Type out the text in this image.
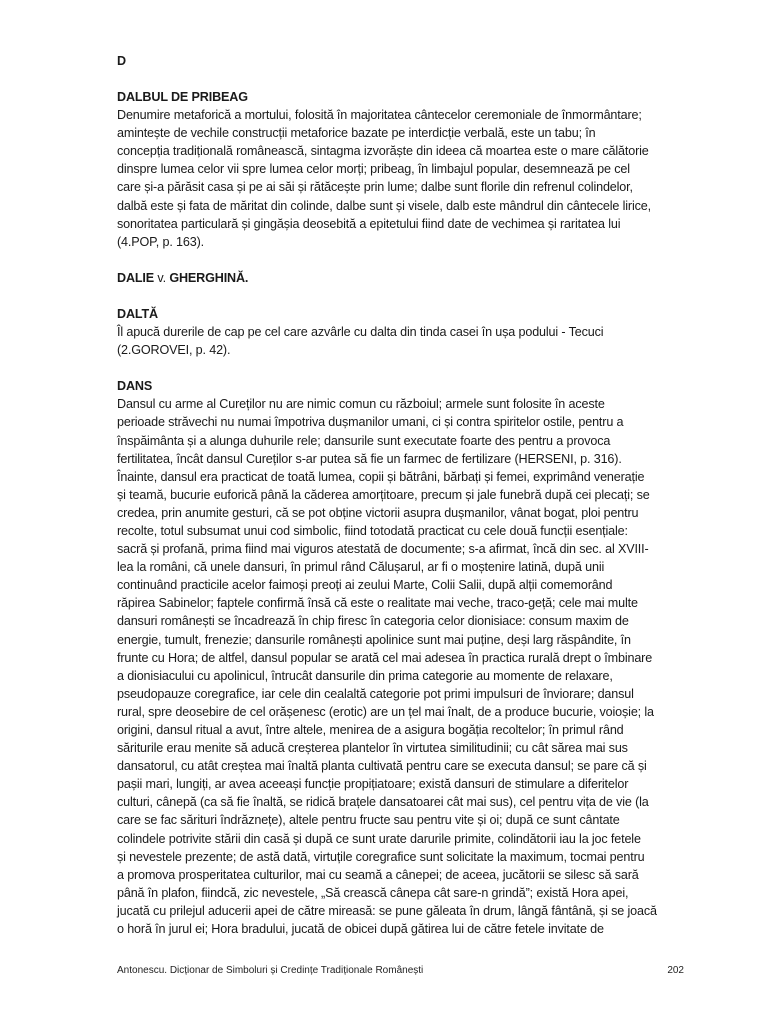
D
DALBUL DE PRIBEAG
Denumire metaforică a mortului, folosită în majoritatea cântecelor ceremoniale de înmormântare;
amintește de vechile construcții metaforice bazate pe interdicție verbală, este un tabu; în
concepția tradițională românească, sintagma izvorăște din ideea că moartea este o mare călătorie
dinspre lumea celor vii spre lumea celor morți; pribeag, în limbajul popular, desemnează pe cel
care și-a părăsit casa și pe ai săi și rătăcește prin lume; dalbe sunt florile din refrenul colindelor,
dalbă este și fata de măritat din colinde, dalbe sunt și visele, dalb este mândrul din cântecele lirice,
sonoritatea particulară și gingășia deosebită a epitetului fiind date de vechimea și raritatea lui
(4.POP, p. 163).
DALIE v. GHERGHINĂ.
DALTĂ
Îl apucă durerile de cap pe cel care azvârle cu dalta din tinda casei în ușa podului - Tecuci
(2.GOROVEI, p. 42).
DANS
Dansul cu arme al Cureților nu are nimic comun cu războiul; armele sunt folosite în aceste
perioade străvechi nu numai împotriva dușmanilor umani, ci și contra spiritelor ostile, pentru a
înspăimânta și a alunga duhurile rele; dansurile sunt executate foarte des pentru a provoca
fertilitatea, încât dansul Cureților s-ar putea să fie un farmec de fertilizare (HERSENI, p. 316).
Înainte, dansul era practicat de toată lumea, copii și bătrâni, bărbați și femei, exprimând venerație
și teamă, bucurie euforică până la căderea amorțitoare, precum și jale funebră după cei plecați; se
credea, prin anumite gesturi, că se pot obține victorii asupra dușmanilor, vânat bogat, ploi pentru
recolte, totul subsumat unui cod simbolic, fiind totodată practicat cu cele două funcții esențiale:
sacră și profană, prima fiind mai viguros atestată de documente; s-a afirmat, încă din sec. al XVIII-
lea la români, că unele dansuri, în primul rând Călușarul, ar fi o moștenire latină, după unii
continuând practicile acelor faimoși preoți ai zeului Marte, Colii Salii, după alții comemorând
răpirea Sabinelor; faptele confirmă însă că este o realitate mai veche, traco-geță; cele mai multe
dansuri românești se încadrează în chip firesc în categoria celor dionisiace: consum maxim de
energie, tumult, frenezie; dansurile românești apolinice sunt mai puține, deși larg răspândite, în
frunte cu Hora; de altfel, dansul popular se arată cel mai adesea în practica rurală drept o îmbinare
a dionisiacului cu apolinicul, întrucât dansurile din prima categorie au momente de relaxare,
pseudopauze coregrafice, iar cele din cealaltă categorie pot primi impulsuri de înviorare; dansul
rural, spre deosebire de cel orășenesc (erotic) are un țel mai înalt, de a produce bucurie, voioșie; la
origini, dansul ritual a avut, între altele, menirea de a asigura bogăția recoltelor; în primul rând
săriturile erau menite să aducă creșterea plantelor în virtutea similitudinii; cu cât sărea mai sus
dansatorul, cu atât creștea mai înaltă planta cultivată pentru care se executa dansul; se pare că și
pașii mari, lungiți, ar avea aceeași funcție propițiatoare; există dansuri de stimulare a diferitelor
culturi, cânepă (ca să fie înaltă, se ridică brațele dansatoarei cât mai sus), cel pentru vița de vie (la
care se fac sărituri îndrăznețe), altele pentru fructe sau pentru vite și oi; după ce sunt cântate
colindele potrivite stării din casă și după ce sunt urate darurile primite, colindătorii iau la joc fetele
și nevestele prezente; de astă dată, virtuțile coregrafice sunt solicitate la maximum, tocmai pentru
a promova prosperitatea culturilor, mai cu seamă a cânepei; de aceea, jucătorii se silesc să sară
până în plafon, fiindcă, zic nevestele, „Să crească cânepa cât sare-n grindă”; există Hora apei,
jucată cu prilejul aducerii apei de către mireasă: se pune găleata în drum, lângă fântână, și se joacă
o horă în jurul ei; Hora bradului, jucată de obicei după gătirea lui de către fetele invitate de
Antonescu. Dicționar de Simboluri și Credințe Tradiționale Românești	202
